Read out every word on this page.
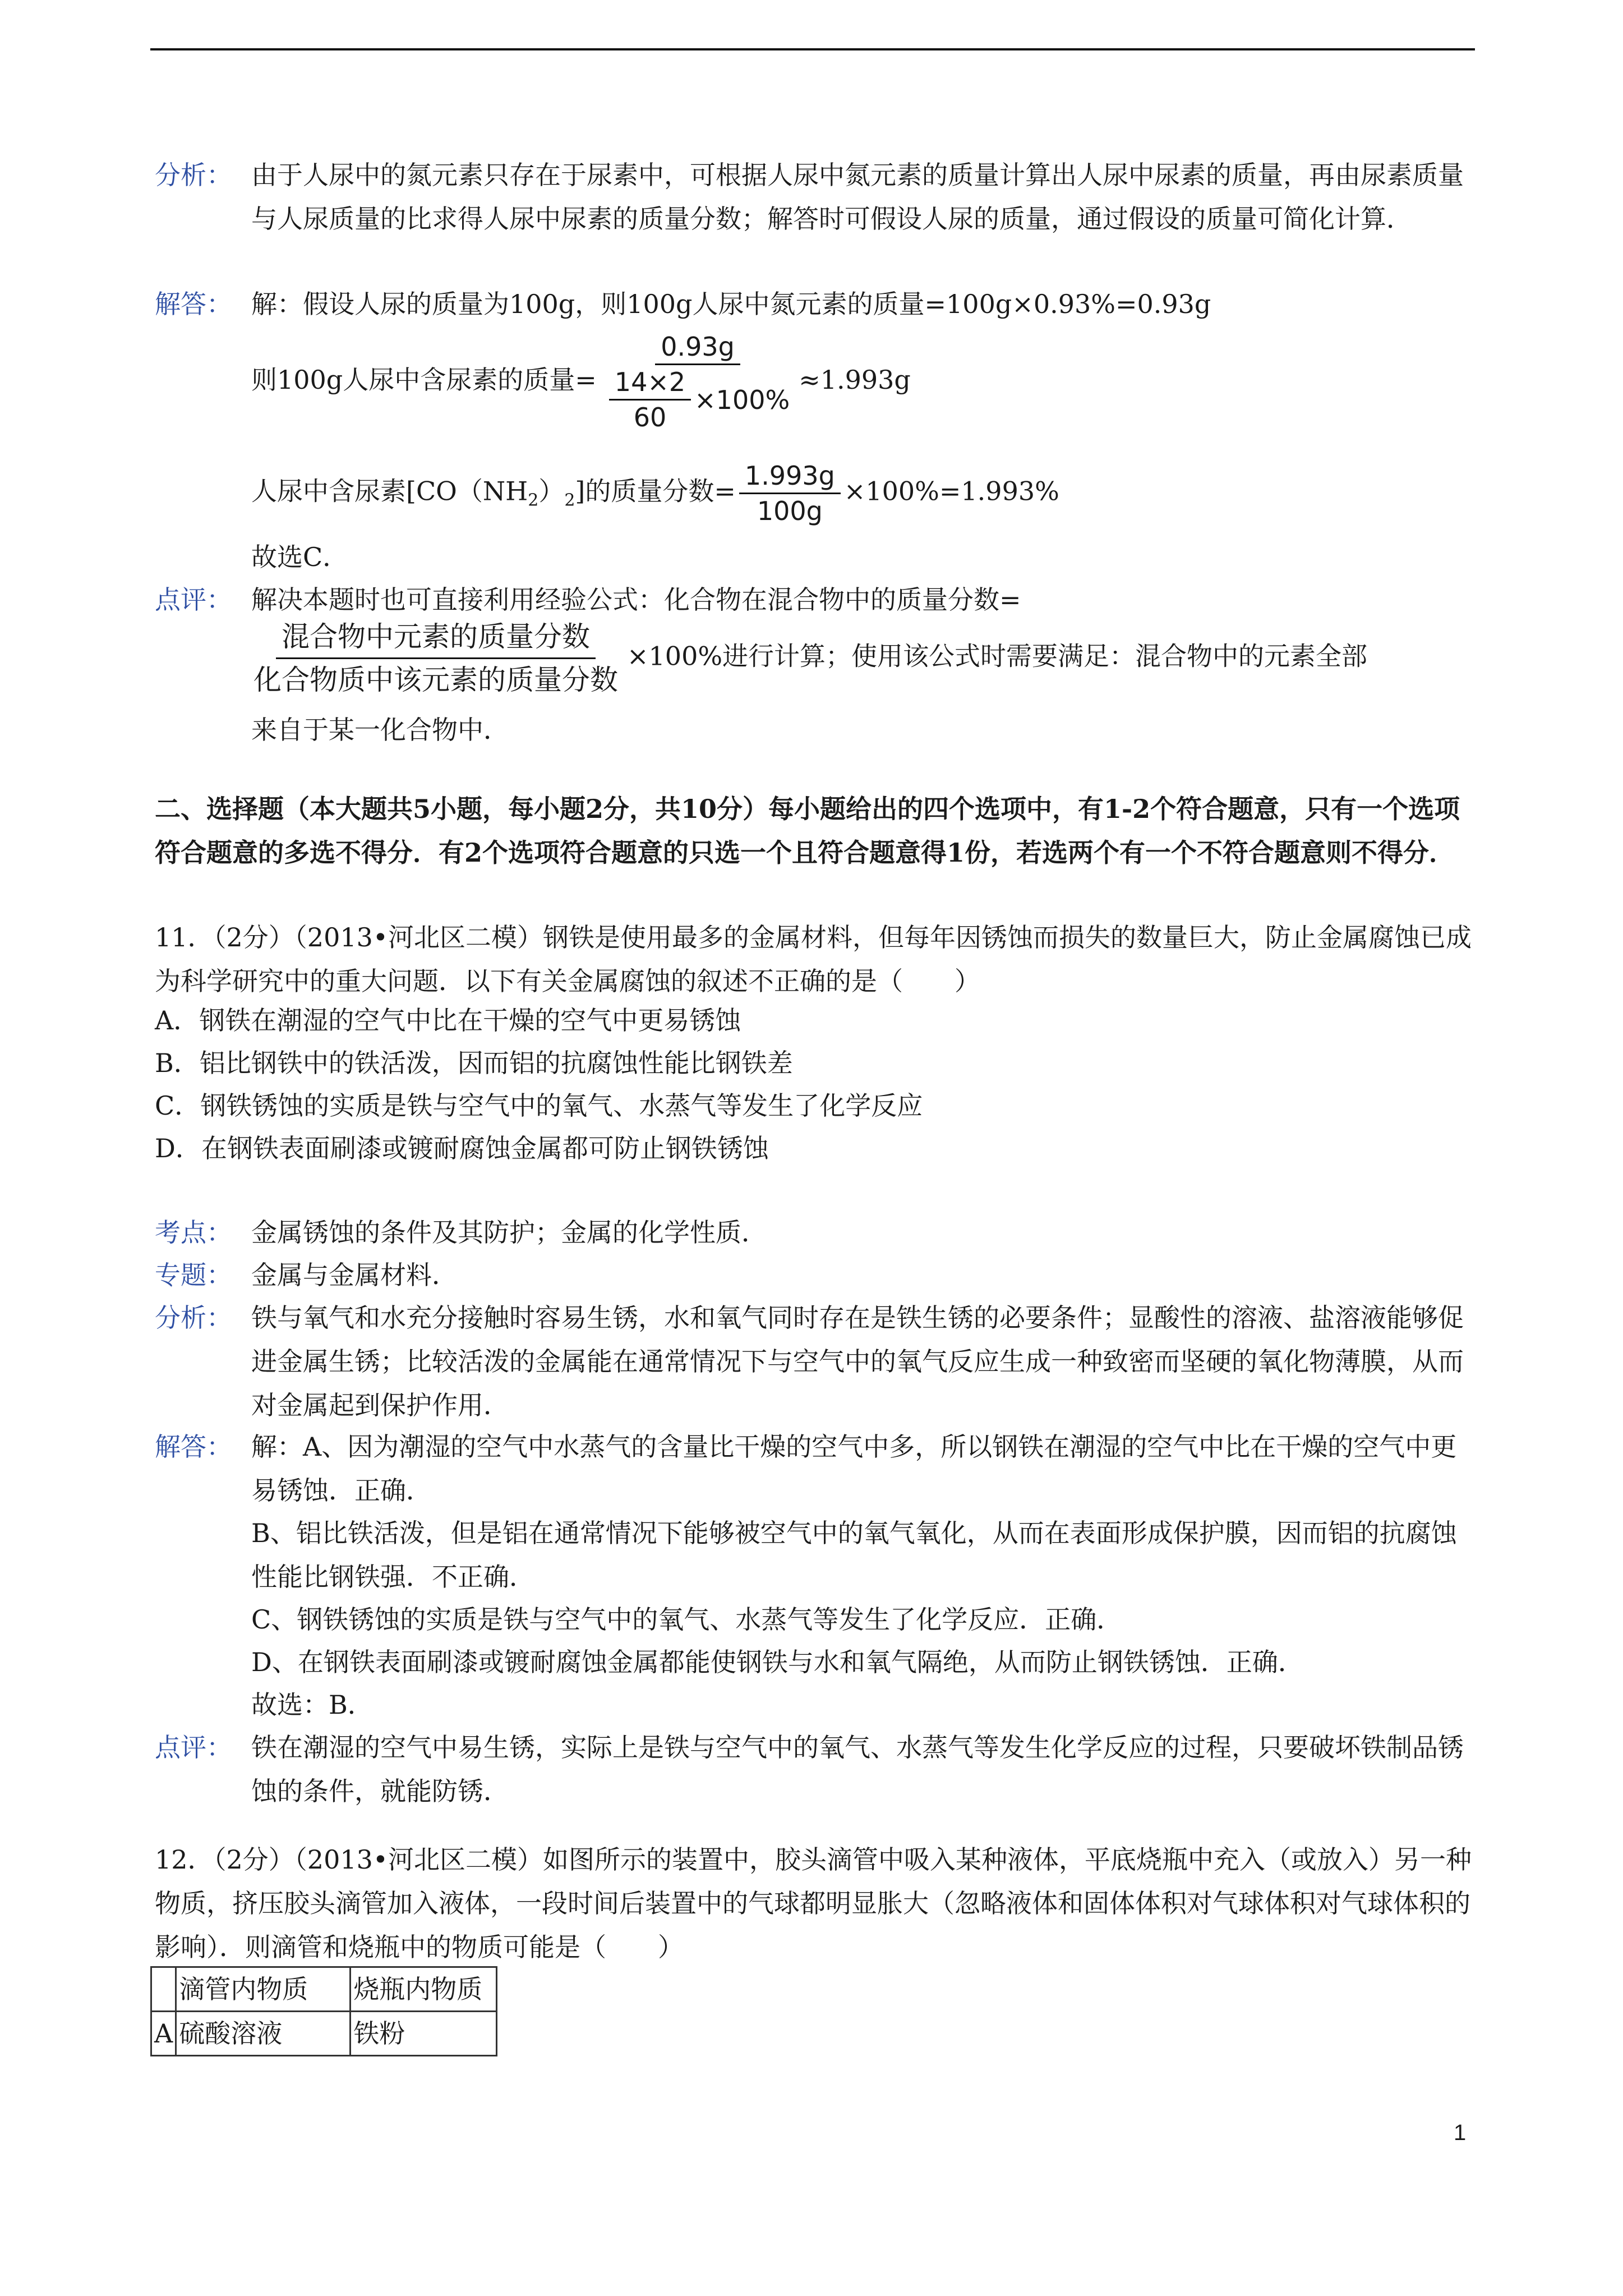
分析： 由于人尿中的氮元素只存在于尿素中，可根据人尿中氮元素的质量计算出人尿中尿素的质量，再由尿素质量与人尿质量的比求得人尿中尿素的质量分数；解答时可假设人尿的质量，通过假设的质量可简化计算．
解答： 解：假设人尿的质量为100g，则100g人尿中氮元素的质量=100g×0.93%=0.93g
则100g人尿中含尿素的质量= $\frac{0.93g}{\frac{14\times 2}{60} \times 100\%} \approx 1.993g$
人尿中含尿素$[CO(NH_2)_2]$的质量分数= $\frac{1.993g}{100g} \times 100\%=1.993\%$
故选C．
点评： 解决本题时也可直接利用经验公式：化合物在混合物中的质量分数=
$\frac{\text{混合物中元素的质量分数}}{\text{化合物质中该元素的质量分数}} \times 100\%$进行计算；使用该公式时需要满足：混合物中的元素全部
来自于某一化合物中．
二、选择题（本大题共5小题，每小题2分，共10分）每小题给出的四个选项中，有1-2个符合题意，只有一个选项符合题意的多选不得分．有2个选项符合题意的只选一个且符合题意得1份，若选两个有一个不符合题意则不得分．
11．（2分）（2013•河北区二模）钢铁是使用最多的金属材料，但每年因锈蚀而损失的数量巨大，防止金属腐蚀已成为科学研究中的重大问题．以下有关金属腐蚀的叙述不正确的是（　　）
A．钢铁在潮湿的空气中比在干燥的空气中更易锈蚀
B．铝比钢铁中的铁活泼，因而铝的抗腐蚀性能比钢铁差
C．钢铁锈蚀的实质是铁与空气中的氧气、水蒸气等发生了化学反应
D．在钢铁表面刷漆或镀耐腐蚀金属都可防止钢铁锈蚀
考点： 金属锈蚀的条件及其防护；金属的化学性质．
专题： 金属与金属材料．
分析： 铁与氧气和水充分接触时容易生锈，水和氧气同时存在是铁生锈的必要条件；显酸性的溶液、盐溶液能够促进金属生锈；比较活泼的金属能在通常情况下与空气中的氧气反应生成一种致密而坚硬的氧化物薄膜，从而对金属起到保护作用．
解答： 解：A、因为潮湿的空气中水蒸气的含量比干燥的空气中多，所以钢铁在潮湿的空气中比在干燥的空气中更易锈蚀．正确．
B、铝比铁活泼，但是铝在通常情况下能够被空气中的氧气氧化，从而在表面形成保护膜，因而铝的抗腐蚀性能比钢铁强．不正确．
C、钢铁锈蚀的实质是铁与空气中的氧气、水蒸气等发生了化学反应．正确．
D、在钢铁表面刷漆或镀耐腐蚀金属都能使钢铁与水和氧气隔绝，从而防止钢铁锈蚀．正确．
故选：B．
点评： 铁在潮湿的空气中易生锈，实际上是铁与空气中的氧气、水蒸气等发生化学反应的过程，只要破坏铁制品锈蚀的条件，就能防锈．
12．（2分）（2013•河北区二模）如图所示的装置中，胶头滴管中吸入某种液体，平底烧瓶中充入（或放入）另一种物质，挤压胶头滴管加入液体，一段时间后装置中的气球都明显胀大（忽略液体和固体体积对气球体积对气球体积的影响）．则滴管和烧瓶中的物质可能是（　　）
	滴管内物质	烧瓶内物质
A	硫酸溶液	铁粉
1
